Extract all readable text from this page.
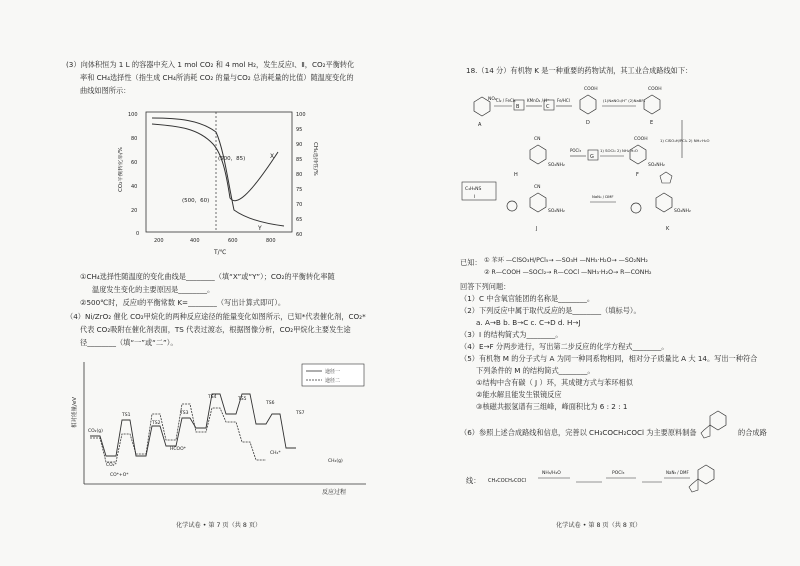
(3）向体积恒为 1 L 的容器中充入 1 mol CO₂ 和 4 mol H₂，发生反应Ⅰ、Ⅱ，CO₂平衡转化
率和 CH₄选择性（指生成 CH₄所消耗 CO₂ 的量与CO₂ 总消耗量的比值）随温度变化的
曲线如图所示：
100
80
60
40
20
0
100
95
90
85
80
75
70
65
60
200	400	600	800
CO₂平衡转化率/%	CH₄选择性/%
T/℃
(500，85)
(500，60)
X
Y
①CH₄选择性随温度的变化曲线是________（填“X”或“Y”）；CO₂的平衡转化率随
温度发生变化的主要原因是________。
②500℃时，反应Ⅰ的平衡常数 K=________（写出计算式即可）。
（4）Ni/ZrO₂ 催化 CO₂甲烷化的两种反应途径的能量变化如图所示，已知*代表催化剂，CO₂*
代表 CO₂吸附在催化剂表面，TS 代表过渡态，根据图像分析，CO₂甲烷化主要发生途
径________（填“一”或“二”）。
相对能量/eV
反应过程
途径一
途径二
CO₂(g)
CO₂*
CO*+O*
TS1
TS2
TS3
TS4	TS5
TS6
HCOO*
TS7
CH₄*
CH₄(g)
化学试卷 • 第 7 页（共 8 页）
18.（14 分）有机物 K 是一种重要的药物试剂，其工业合成路线如下：
NO₂
A
Cl₂ / FeCl₃
B
KMnO₄ / H⁺
C
Fe/HCl
COOH
D
(1)NaNO₂/H⁺ (2)NaBF₄
COOH
E
1) ClSO₃H/PCl₅ 2) NH₃·H₂O
COOH
SO₂NH₂
F
1) SOCl₂ 2) NH₃·H₂O
G
POCl₃
CN
SO₂NH₂
H
C₄H₅NS
I
CN
SO₂NH₂
J
NaN₃ / DMF
SO₂NH₂
K
已知： ① 苯环 —ClSO₃H/PCl₅→ —SO₃H —NH₃·H₂O→ —SO₂NH₂
② R—COOH —SOCl₂→ R—COCl —NH₃·H₂O→ R—CONH₂
回答下列问题：
（1）C 中含氧官能团的名称是________。
（2）下列反应中属于取代反应的是________（填标号）。
a. A→B b. B→C c. C→D d. H→J
（3）I 的结构简式为________。
（4）E→F 分两步进行，写出第二步反应的化学方程式________。
（5）有机物 M 的分子式与 A 为同一种同系物相同，相对分子质量比 A 大 14。写出一种符合
下列条件的 M 的结构简式________。
①结构中含有碳（ J ）环，其成键方式与苯环相似
②能水解且能发生银镜反应
③核磁共振氢谱有三组峰，峰面积比为 6 : 2 : 1
（6）参照上述合成路线和信息，完善以 CH₃COCH₂COCl 为主要原料制备	的合成路
线： CH₃COCH₂COCl
NH₃/H₂O	POCl₃	NaN₃ / DMF
化学试卷 • 第 8 页（共 8 页）
